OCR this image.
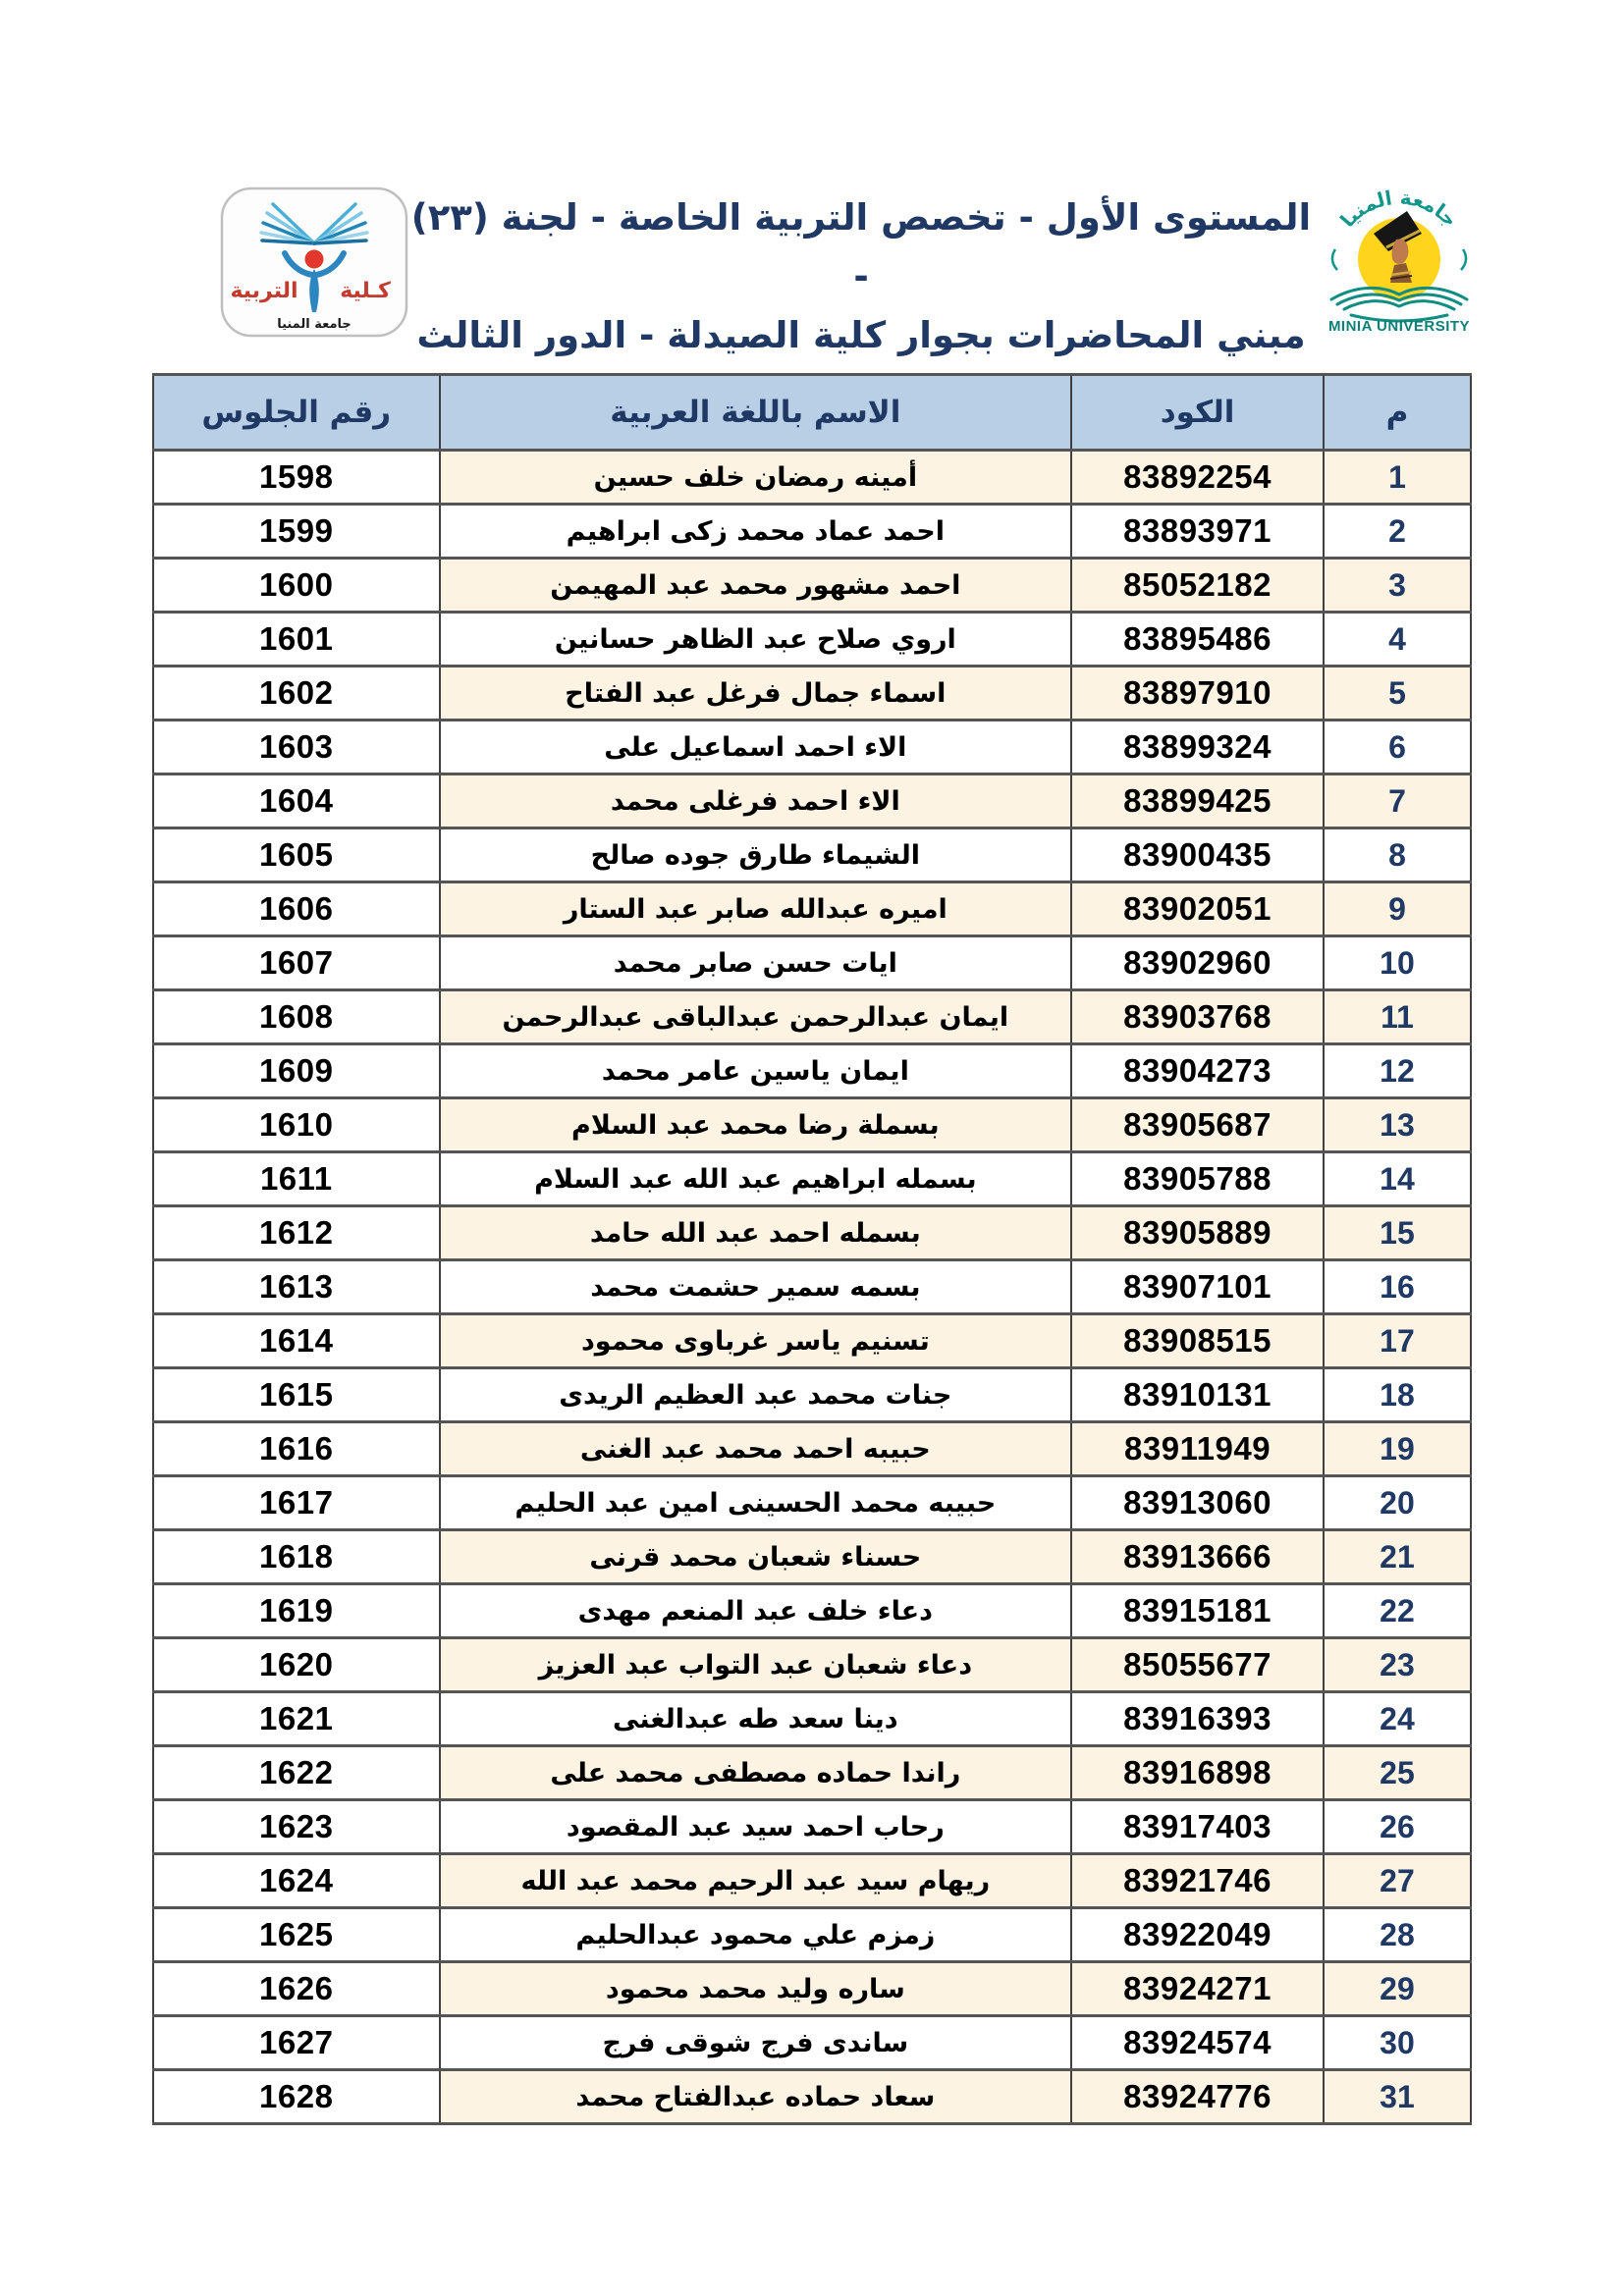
كـلية
التربية
جامعة المنيا
المستوى الأول - تخصص التربية الخاصة - لجنة (٢٣) -
مبني المحاضرات بجوار كلية الصيدلة - الدور الثالث
جامعة المنيا
MINIA UNIVERSITY
م	الكود	الاسم باللغة العربية	رقم الجلوس
1	83892254	أمينه رمضان خلف حسين	1598
2	83893971	احمد عماد محمد زكى ابراهيم	1599
3	85052182	احمد مشهور محمد عبد المهيمن	1600
4	83895486	اروي صلاح عبد الظاهر حسانين	1601
5	83897910	اسماء جمال فرغل عبد الفتاح	1602
6	83899324	الاء احمد اسماعيل على	1603
7	83899425	الاء احمد فرغلى محمد	1604
8	83900435	الشيماء طارق جوده صالح	1605
9	83902051	اميره عبدالله صابر عبد الستار	1606
10	83902960	ايات حسن صابر محمد	1607
11	83903768	ايمان عبدالرحمن عبدالباقى عبدالرحمن	1608
12	83904273	ايمان ياسين عامر محمد	1609
13	83905687	بسملة رضا محمد عبد السلام	1610
14	83905788	بسمله ابراهيم عبد الله عبد السلام	1611
15	83905889	بسمله احمد عبد الله حامد	1612
16	83907101	بسمه سمير حشمت محمد	1613
17	83908515	تسنيم ياسر غرباوى محمود	1614
18	83910131	جنات محمد عبد العظيم الريدى	1615
19	83911949	حبيبه احمد محمد عبد الغنى	1616
20	83913060	حبيبه محمد الحسينى امين عبد الحليم	1617
21	83913666	حسناء شعبان محمد قرنى	1618
22	83915181	دعاء خلف عبد المنعم مهدى	1619
23	85055677	دعاء شعبان عبد التواب عبد العزيز	1620
24	83916393	دينا سعد طه عبدالغنى	1621
25	83916898	راندا حماده مصطفى محمد على	1622
26	83917403	رحاب احمد سيد عبد المقصود	1623
27	83921746	ريهام سيد عبد الرحيم محمد عبد الله	1624
28	83922049	زمزم علي محمود عبدالحليم	1625
29	83924271	ساره وليد محمد محمود	1626
30	83924574	ساندى فرج شوقى فرج	1627
31	83924776	سعاد حماده عبدالفتاح محمد	1628
